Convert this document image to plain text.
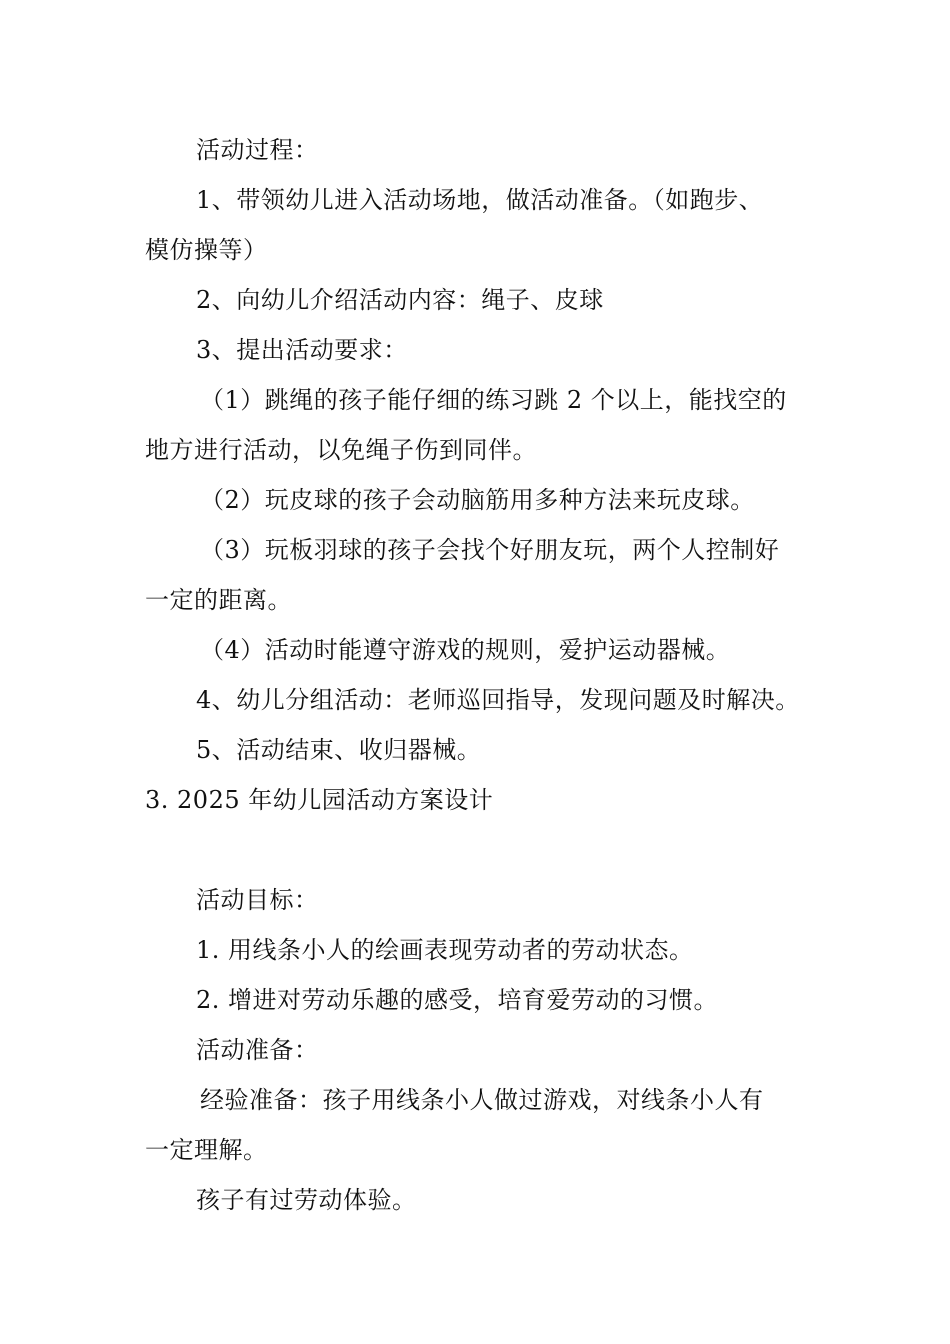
活动过程：
1、带领幼儿进入活动场地，做活动准备。（如跑步、
模仿操等）
2、向幼儿介绍活动内容：绳子、皮球
3、提出活动要求：
（1）跳绳的孩子能仔细的练习跳 2 个以上，能找空的
地方进行活动，以免绳子伤到同伴。
（2）玩皮球的孩子会动脑筋用多种方法来玩皮球。
（3）玩板羽球的孩子会找个好朋友玩，两个人控制好
一定的距离。
（4）活动时能遵守游戏的规则，爱护运动器械。
4、幼儿分组活动：老师巡回指导，发现问题及时解决。
5、活动结束、收归器械。
3. 2025 年幼儿园活动方案设计
活动目标：
1. 用线条小人的绘画表现劳动者的劳动状态。
2. 增进对劳动乐趣的感受，培育爱劳动的习惯。
活动准备：
经验准备：孩子用线条小人做过游戏，对线条小人有
一定理解。
孩子有过劳动体验。
